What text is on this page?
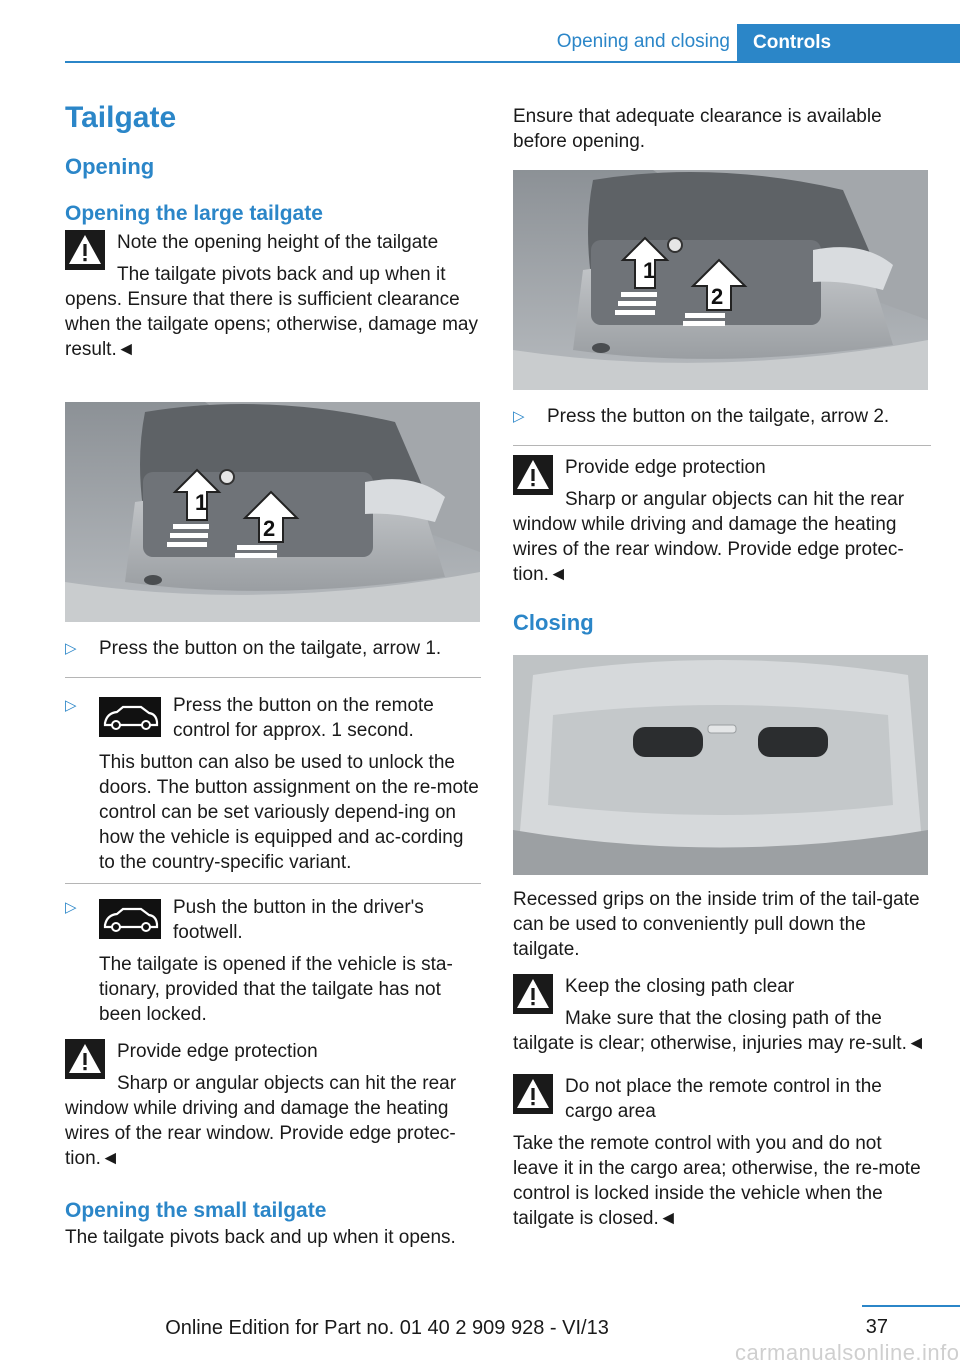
Opening and closing	Controls
Tailgate
Opening
Opening the large tailgate
Note the opening height of the tailgate
The tailgate pivots back and up when it
opens. Ensure that there is sufficient clearance when the tailgate opens; otherwise, damage may result.◄
1
2
▷ Press the button on the tailgate, arrow 1.
▷	Press the button on the remote control for approx. 1 second.
This button can also be used to unlock the doors. The button assignment on the re-mote control can be set variously depend-ing on how the vehicle is equipped and ac-cording to the country-specific variant.
▷	Push the button in the driver's footwell.
The tailgate is opened if the vehicle is sta-tionary, provided that the tailgate has not been locked.
Provide edge protection
Sharp or angular objects can hit the rear
window while driving and damage the heating wires of the rear window. Provide edge protec-tion.◄
Opening the small tailgate
The tailgate pivots back and up when it opens.
Ensure that adequate clearance is available before opening.
1
2
▷ Press the button on the tailgate, arrow 2.
Provide edge protection
Sharp or angular objects can hit the rear
window while driving and damage the heating wires of the rear window. Provide edge protec-tion.◄
Closing
Recessed grips on the inside trim of the tail-gate can be used to conveniently pull down the tailgate.
Keep the closing path clear
Make sure that the closing path of the
tailgate is clear; otherwise, injuries may re-sult.◄
Do not place the remote control in the cargo area
Take the remote control with you and do not leave it in the cargo area; otherwise, the re-mote control is locked inside the vehicle when the tailgate is closed.◄
37
Online Edition for Part no. 01 40 2 909 928 - VI/13
carmanualsonline.info
